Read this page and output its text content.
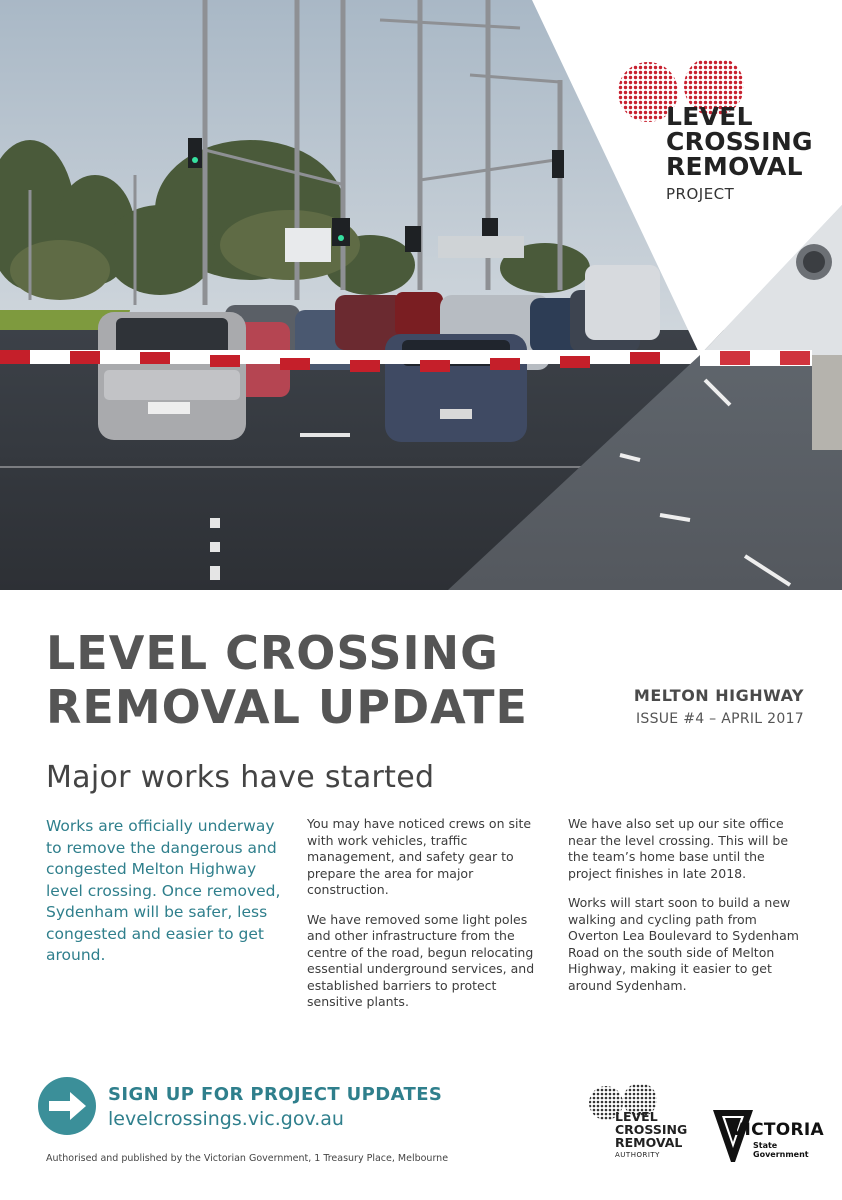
LEVEL
CROSSING
REMOVAL
PROJECT
LEVEL CROSSING
REMOVAL UPDATE	MELTON HIGHWAY
ISSUE #4 – APRIL 2017
Major works have started

Works are officially underway to remove the dangerous and congested Melton Highway level crossing. Once removed, Sydenham will be safer, less congested and easier to get around.

You may have noticed crews on site with work vehicles, traffic management, and safety gear to prepare the area for major construction.

We have removed some light poles and other infrastructure from the centre of the road, begun relocating essential underground services, and established barriers to protect sensitive plants.

We have also set up our site office near the level crossing. This will be the team’s home base until the project finishes in late 2018.

Works will start soon to build a new walking and cycling path from Overton Lea Boulevard to Sydenham Road on the south side of Melton Highway, making it easier to get around Sydenham.

SIGN UP FOR PROJECT UPDATES
levelcrossings.vic.gov.au
Authorised and published by the Victorian Government, 1 Treasury Place, Melbourne
LEVEL
CROSSING
REMOVAL
AUTHORITY
VICTORIA
State
Government
